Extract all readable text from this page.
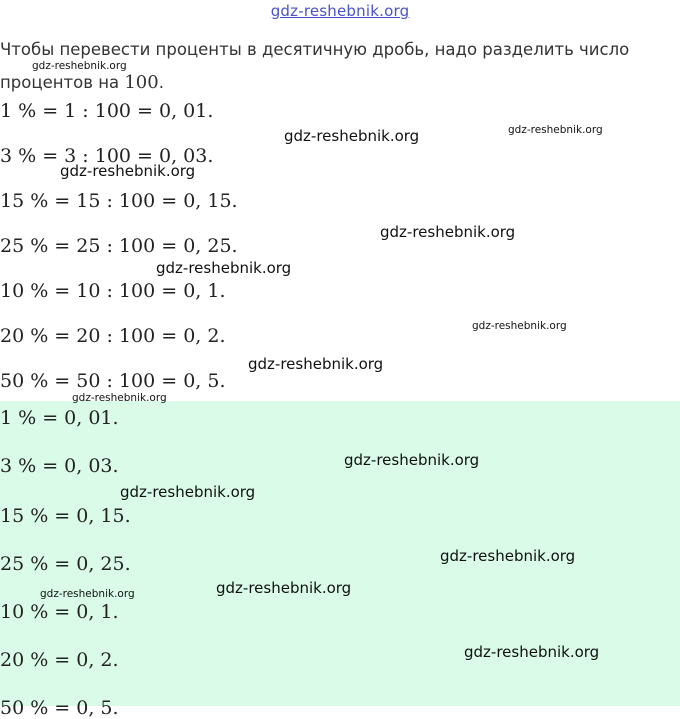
gdz-reshebnik.org
Чтобы перевести проценты в десятичную дробь, надо разделить число процентов на 100.
1 % = 1 : 100 = 0, 01.
3 % = 3 : 100 = 0, 03.
15 % = 15 : 100 = 0, 15.
25 % = 25 : 100 = 0, 25.
10 % = 10 : 100 = 0, 1.
20 % = 20 : 100 = 0, 2.
50 % = 50 : 100 = 0, 5.
1 % = 0, 01.
3 % = 0, 03.
15 % = 0, 15.
25 % = 0, 25.
10 % = 0, 1.
20 % = 0, 2.
50 % = 0, 5.
gdz-reshebnik.org
gdz-reshebnik.org	gdz-reshebnik.org
gdz-reshebnik.org
gdz-reshebnik.org
gdz-reshebnik.org
gdz-reshebnik.org
gdz-reshebnik.org
gdz-reshebnik.org
gdz-reshebnik.org
gdz-reshebnik.org
gdz-reshebnik.org
gdz-reshebnik.org
gdz-reshebnik.org
gdz-reshebnik.org
